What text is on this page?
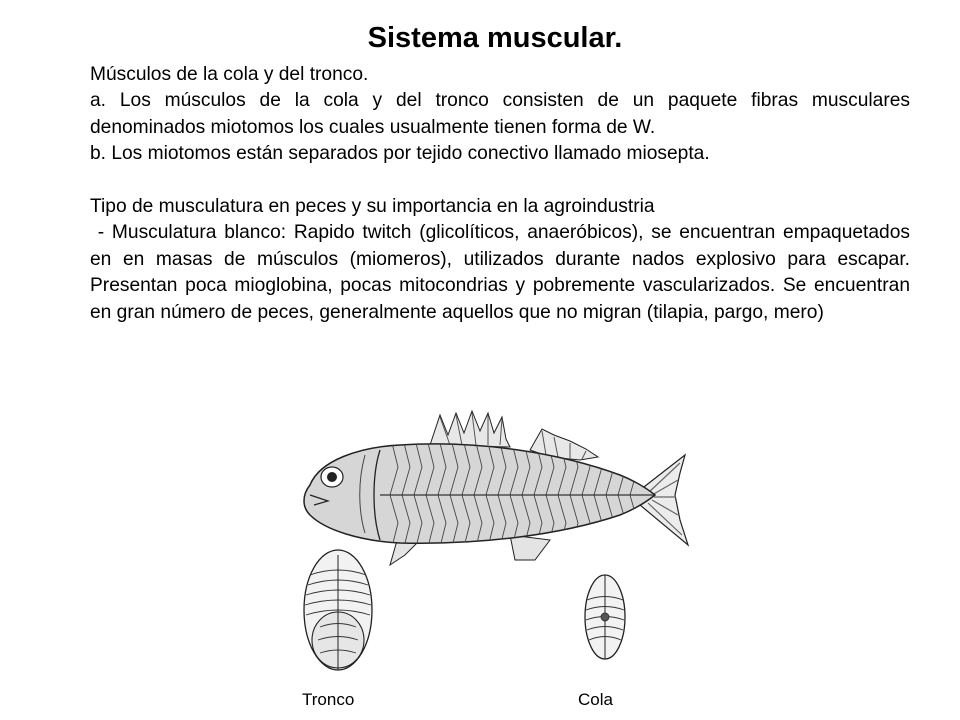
Sistema muscular.

Músculos de la cola y del tronco.

a. Los músculos de la cola y del tronco consisten de un paquete fibras musculares denominados miotomos los cuales usualmente tienen forma de W.

b. Los miotomos están separados por tejido conectivo llamado miosepta.

Tipo de musculatura en peces y su importancia en la agroindustria

- Musculatura blanco: Rapido twitch (glicolíticos, anaeróbicos), se encuentran empaquetados en en masas de músculos (miomeros), utilizados durante nados explosivo para escapar. Presentan poca mioglobina, pocas mitocondrias y pobremente vascularizados. Se encuentran en gran número de peces, generalmente aquellos que no migran (tilapia, pargo, mero)

Tronco	Cola
